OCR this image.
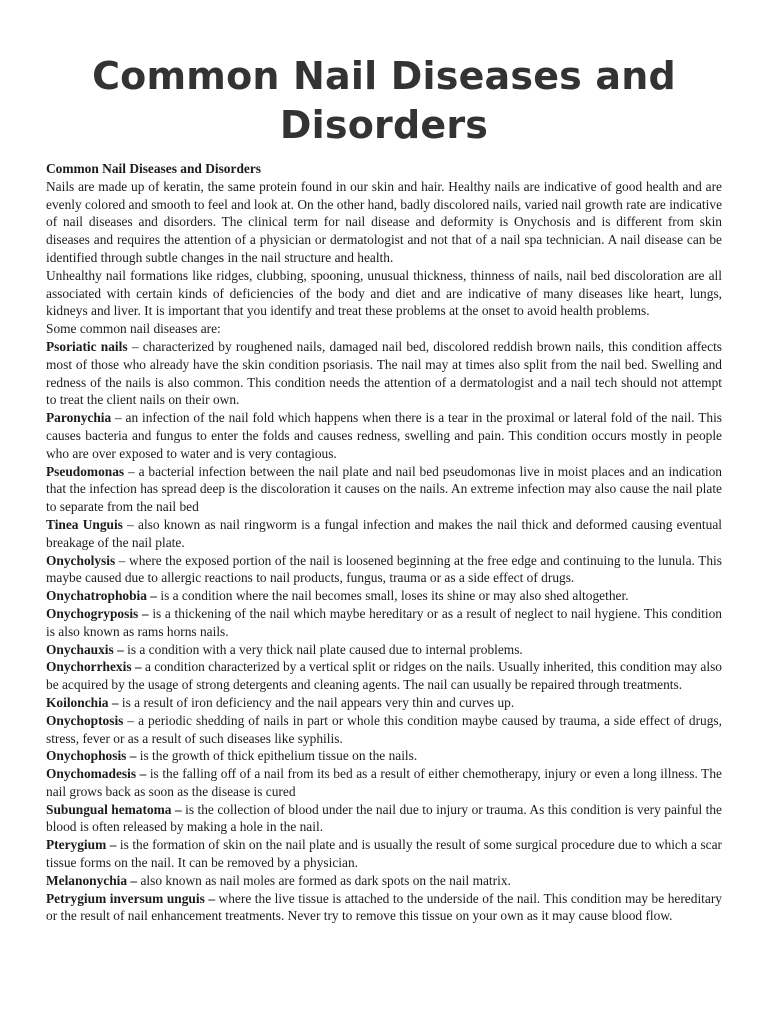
Common Nail Diseases and Disorders

Common Nail Diseases and Disorders

Nails are made up of keratin, the same protein found in our skin and hair. Healthy nails are indicative of good health and are evenly colored and smooth to feel and look at. On the other hand, badly discolored nails, varied nail growth rate are indicative of nail diseases and disorders. The clinical term for nail disease and deformity is Onychosis and is different from skin diseases and requires the attention of a physician or dermatologist and not that of a nail spa technician. A nail disease can be identified through subtle changes in the nail structure and health.

Unhealthy nail formations like ridges, clubbing, spooning, unusual thickness, thinness of nails, nail bed discoloration are all associated with certain kinds of deficiencies of the body and diet and are indicative of many diseases like heart, lungs, kidneys and liver. It is important that you identify and treat these problems at the onset to avoid health problems.

Some common nail diseases are:

Psoriatic nails – characterized by roughened nails, damaged nail bed, discolored reddish brown nails, this condition affects most of those who already have the skin condition psoriasis. The nail may at times also split from the nail bed. Swelling and redness of the nails is also common. This condition needs the attention of a dermatologist and a nail tech should not attempt to treat the client nails on their own.

Paronychia – an infection of the nail fold which happens when there is a tear in the proximal or lateral fold of the nail. This causes bacteria and fungus to enter the folds and causes redness, swelling and pain. This condition occurs mostly in people who are over exposed to water and is very contagious.

Pseudomonas – a bacterial infection between the nail plate and nail bed pseudomonas live in moist places and an indication that the infection has spread deep is the discoloration it causes on the nails. An extreme infection may also cause the nail plate to separate from the nail bed

Tinea Unguis – also known as nail ringworm is a fungal infection and makes the nail thick and deformed causing eventual breakage of the nail plate.

Onycholysis – where the exposed portion of the nail is loosened beginning at the free edge and continuing to the lunula. This maybe caused due to allergic reactions to nail products, fungus, trauma or as a side effect of drugs.

Onychatrophobia – is a condition where the nail becomes small, loses its shine or may also shed altogether.

Onychogryposis – is a thickening of the nail which maybe hereditary or as a result of neglect to nail hygiene. This condition is also known as rams horns nails.

Onychauxis – is a condition with a very thick nail plate caused due to internal problems.

Onychorrhexis – a condition characterized by a vertical split or ridges on the nails. Usually inherited, this condition may also be acquired by the usage of strong detergents and cleaning agents. The nail can usually be repaired through treatments.

Koilonchia – is a result of iron deficiency and the nail appears very thin and curves up.

Onychoptosis – a periodic shedding of nails in part or whole this condition maybe caused by trauma, a side effect of drugs, stress, fever or as a result of such diseases like syphilis.

Onychophosis – is the growth of thick epithelium tissue on the nails.

Onychomadesis – is the falling off of a nail from its bed as a result of either chemotherapy, injury or even a long illness. The nail grows back as soon as the disease is cured

Subungual hematoma – is the collection of blood under the nail due to injury or trauma. As this condition is very painful the blood is often released by making a hole in the nail.

Pterygium – is the formation of skin on the nail plate and is usually the result of some surgical procedure due to which a scar tissue forms on the nail. It can be removed by a physician.

Melanonychia – also known as nail moles are formed as dark spots on the nail matrix.

Petrygium inversum unguis – where the live tissue is attached to the underside of the nail. This condition may be hereditary or the result of nail enhancement treatments. Never try to remove this tissue on your own as it may cause blood flow.
